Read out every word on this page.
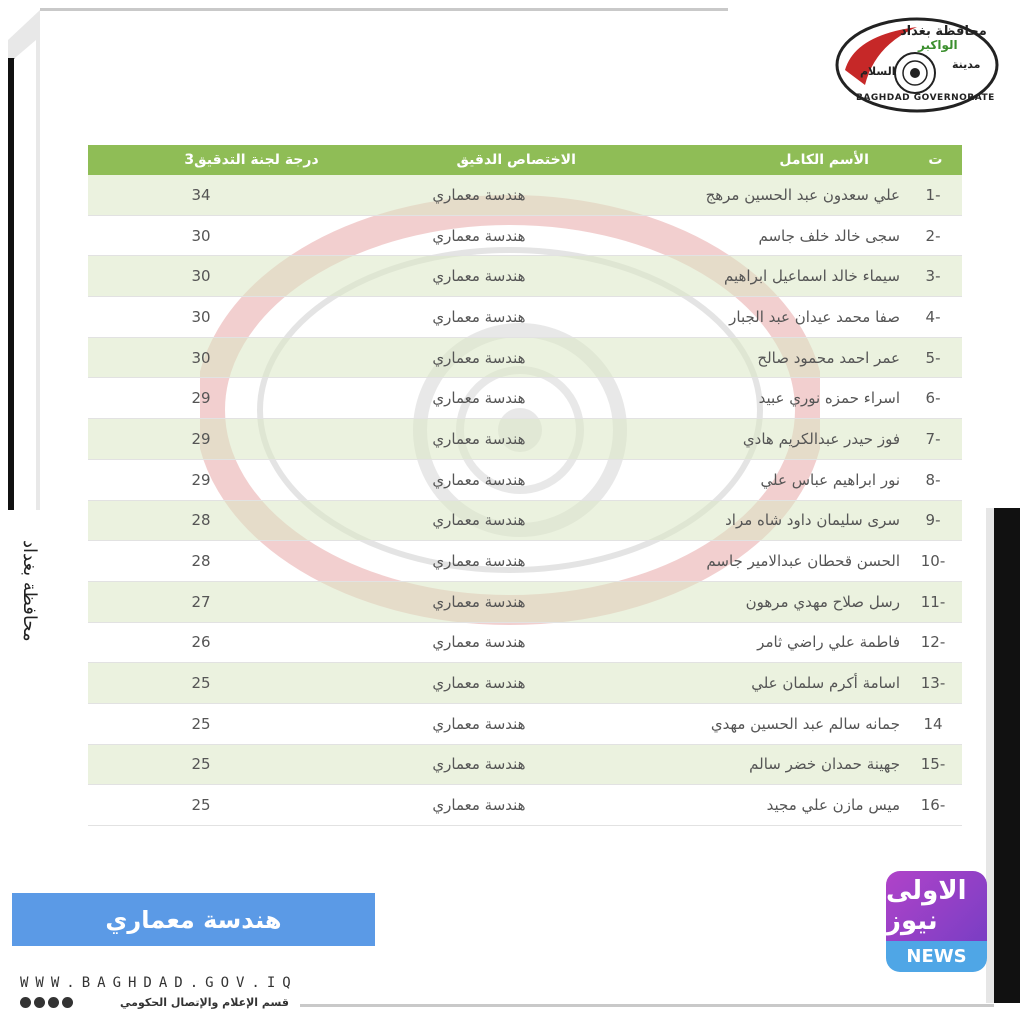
محافظة بغداد
محافظة بغداد
الواكبر
مدينة
السلام
BAGHDAD GOVERNORATE
ت
الأسم الكامل
الاختصاص الدقيق
درجة لجنة التدقيق3
-1
علي سعدون عبد الحسين مرهج
هندسة معماري
34
-2
سجى خالد خلف جاسم
هندسة معماري
30
-3
سيماء خالد اسماعيل ابراهيم
هندسة معماري
30
-4
صفا محمد عيدان عبد الجبار
هندسة معماري
30
-5
عمر احمد محمود صالح
هندسة معماري
30
-6
اسراء حمزه نوري عبيد
هندسة معماري
29
-7
فوز حيدر عبدالكريم هادي
هندسة معماري
29
-8
نور ابراهيم عباس علي
هندسة معماري
29
-9
سرى سليمان داود شاه مراد
هندسة معماري
28
-10
الحسن قحطان عبدالامير جاسم
هندسة معماري
28
-11
رسل صلاح مهدي مرهون
هندسة معماري
27
-12
فاطمة علي راضي ثامر
هندسة معماري
26
-13
اسامة أكرم سلمان علي
هندسة معماري
25
14
جمانه سالم عبد الحسين مهدي
هندسة معماري
25
-15
جهينة حمدان خضر سالم
هندسة معماري
25
-16
ميس مازن علي مجيد
هندسة معماري
25
هندسة معماري
WWW.BAGHDAD.GOV.IQ
قسم الإعلام والإتصال الحكومي
الاولى نيوز
NEWS
